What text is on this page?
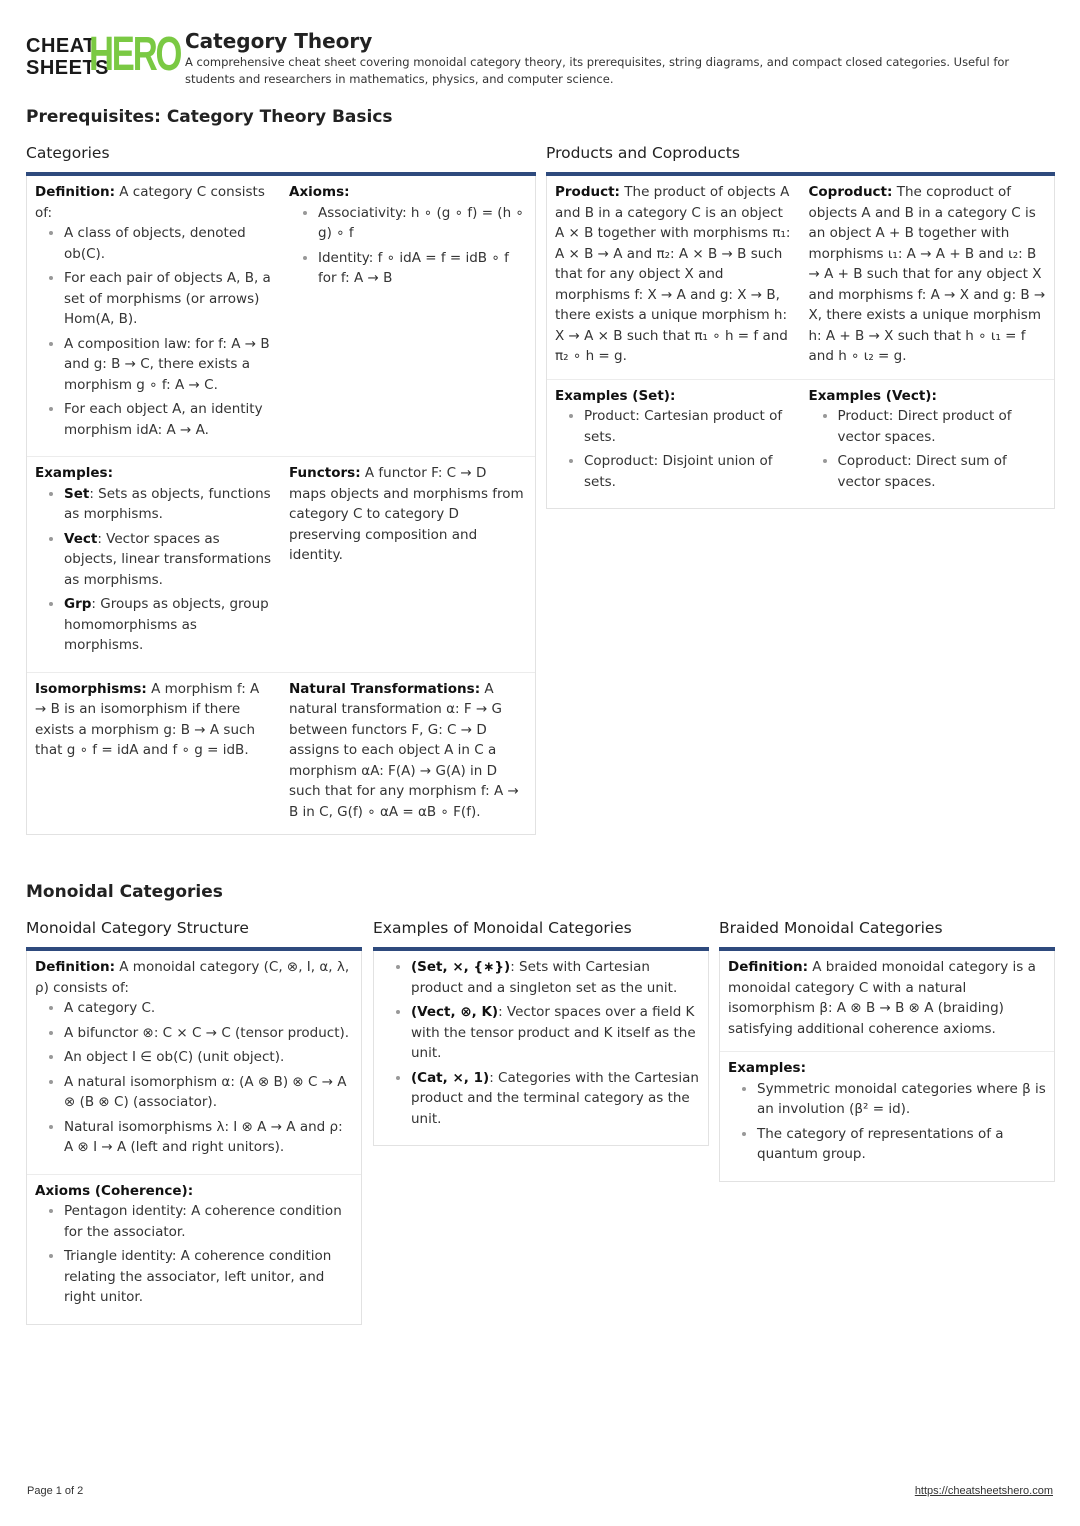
CHEAT
SHEETS
HERO Category Theory

A comprehensive cheat sheet covering monoidal category theory, its prerequisites, string diagrams, and compact closed categories. Useful for students and researchers in mathematics, physics, and computer science.

Prerequisites: Category Theory Basics
Categories

Definition: A category C consists of:

• A class of objects, denoted ob(C).
• For each pair of objects A, B, a set of morphisms (or arrows) Hom(A, B).
• A composition law: for f: A → B and g: B → C, there exists a morphism g ∘ f: A → C.
• For each object A, an identity morphism idA: A → A.

Axioms:

• Associativity: h ∘ (g ∘ f) = (h ∘ g) ∘ f
• Identity: f ∘ idA = f = idB ∘ f for f: A → B

Examples:

• Set: Sets as objects, functions as morphisms.
• Vect: Vector spaces as objects, linear transformations as morphisms.
• Grp: Groups as objects, group homomorphisms as morphisms.

Functors: A functor F: C → D maps objects and morphisms from category C to category D preserving composition and identity.

Isomorphisms: A morphism f: A → B is an isomorphism if there exists a morphism g: B → A such that g ∘ f = idA and f ∘ g = idB.

Natural Transformations: A natural transformation α: F → G between functors F, G: C → D assigns to each object A in C a morphism αA: F(A) → G(A) in D such that for any morphism f: A → B in C, G(f) ∘ αA = αB ∘ F(f).

Products and Coproducts

Product: The product of objects A and B in a category C is an object A × B together with morphisms π₁: A × B → A and π₂: A × B → B such that for any object X and morphisms f: X → A and g: X → B, there exists a unique morphism h: X → A × B such that π₁ ∘ h = f and π₂ ∘ h = g.

Coproduct: The coproduct of objects A and B in a category C is an object A + B together with morphisms ι₁: A → A + B and ι₂: B → A + B such that for any object X and morphisms f: A → X and g: B → X, there exists a unique morphism h: A + B → X such that h ∘ ι₁ = f and h ∘ ι₂ = g.

Examples (Set):

• Product: Cartesian product of sets.
• Coproduct: Disjoint union of sets.

Examples (Vect):

• Product: Direct product of vector spaces.
• Coproduct: Direct sum of vector spaces.
Monoidal Categories
Monoidal Category Structure

Definition: A monoidal category (C, ⊗, I, α, λ, ρ) consists of:

• A category C.
• A bifunctor ⊗: C × C → C (tensor product).
• An object I ∈ ob(C) (unit object).
• A natural isomorphism α: (A ⊗ B) ⊗ C → A ⊗ (B ⊗ C) (associator).
• Natural isomorphisms λ: I ⊗ A → A and ρ: A ⊗ I → A (left and right unitors).

Axioms (Coherence):

• Pentagon identity: A coherence condition for the associator.
• Triangle identity: A coherence condition relating the associator, left unitor, and right unitor.
Examples of Monoidal Categories
• (Set, ×, {∗}): Sets with Cartesian product and a singleton set as the unit.
• (Vect, ⊗, K): Vector spaces over a field K with the tensor product and K itself as the unit.
• (Cat, ×, 1): Categories with the Cartesian product and the terminal category as the unit.
Braided Monoidal Categories

Definition: A braided monoidal category is a monoidal category C with a natural isomorphism β: A ⊗ B → B ⊗ A (braiding) satisfying additional coherence axioms.

Examples:

• Symmetric monoidal categories where β is an involution (β² = id).
• The category of representations of a quantum group.
Page 1 of 2	https://cheatsheetshero.com
